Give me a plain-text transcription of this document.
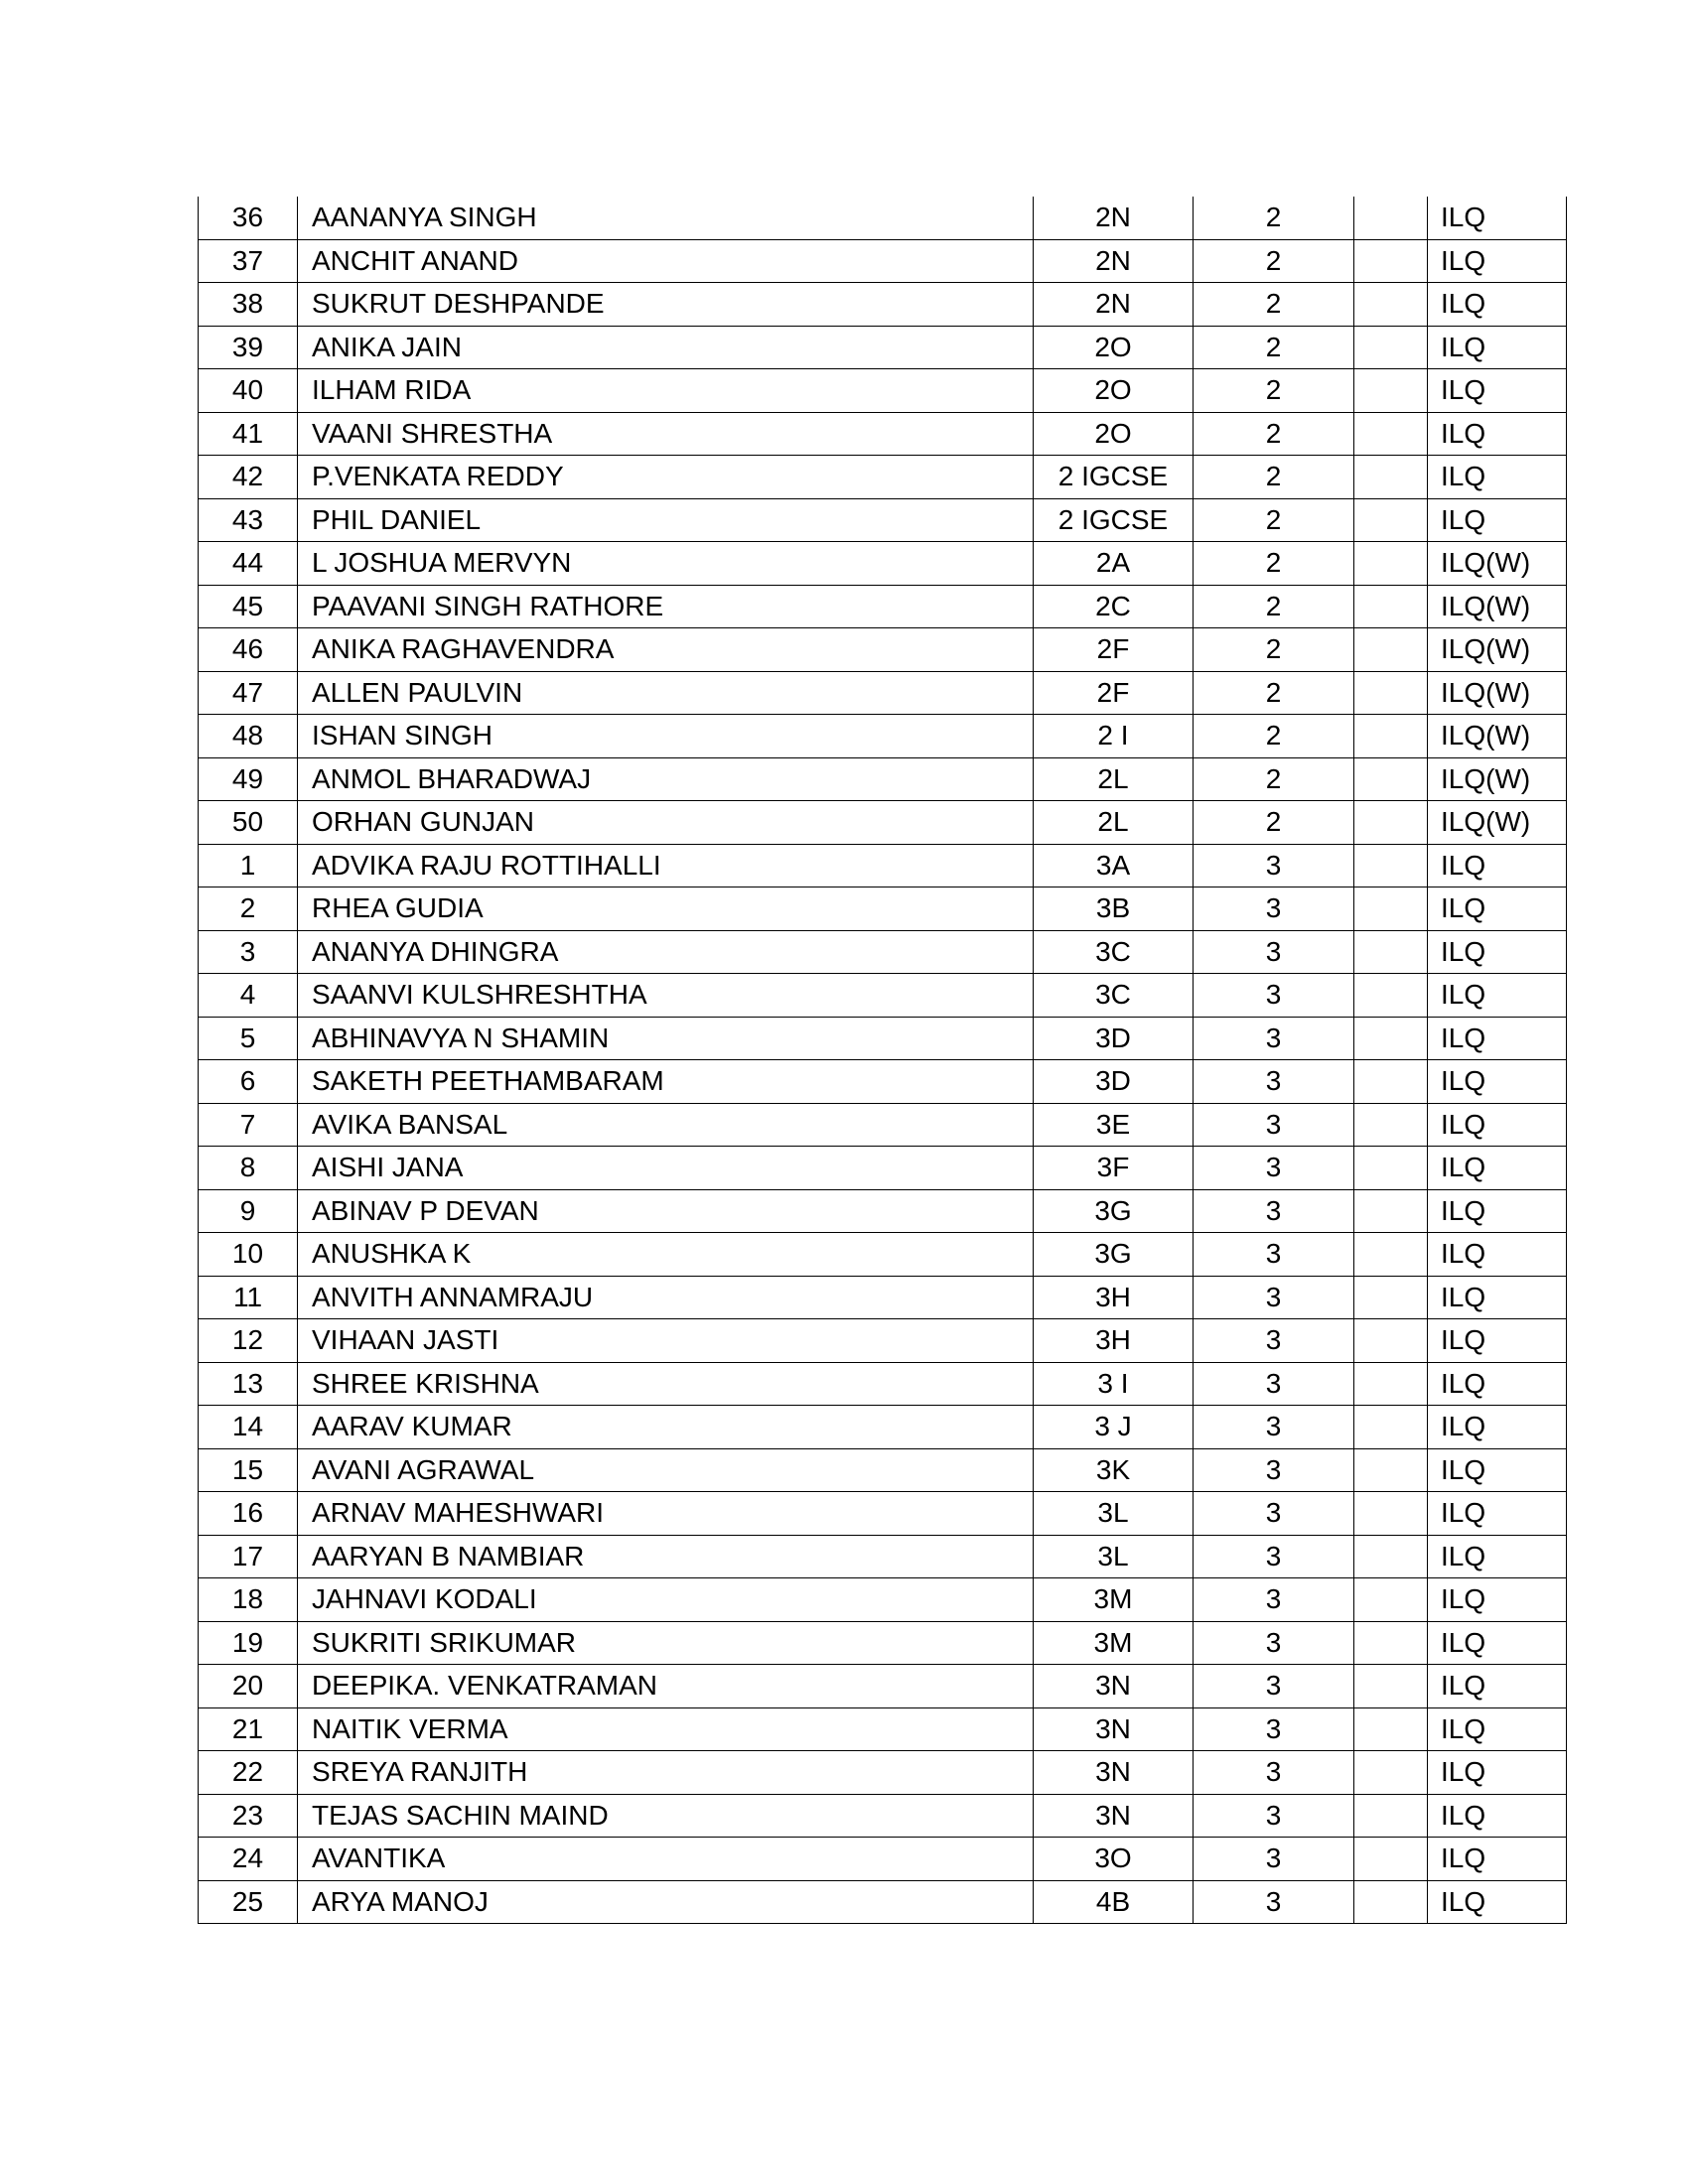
36	AANANYA SINGH	2N	2		ILQ
37	ANCHIT ANAND	2N	2		ILQ
38	SUKRUT DESHPANDE	2N	2		ILQ
39	ANIKA JAIN	2O	2		ILQ
40	ILHAM RIDA	2O	2		ILQ
41	VAANI SHRESTHA	2O	2		ILQ
42	P.VENKATA REDDY	2 IGCSE	2		ILQ
43	PHIL DANIEL	2 IGCSE	2		ILQ
44	L JOSHUA MERVYN	2A	2		ILQ(W)
45	PAAVANI SINGH RATHORE	2C	2		ILQ(W)
46	ANIKA RAGHAVENDRA	2F	2		ILQ(W)
47	ALLEN PAULVIN	2F	2		ILQ(W)
48	ISHAN SINGH	2 I	2		ILQ(W)
49	ANMOL BHARADWAJ	2L	2		ILQ(W)
50	ORHAN GUNJAN	2L	2		ILQ(W)
1	ADVIKA RAJU ROTTIHALLI	3A	3		ILQ
2	RHEA GUDIA	3B	3		ILQ
3	ANANYA DHINGRA	3C	3		ILQ
4	SAANVI KULSHRESHTHA	3C	3		ILQ
5	ABHINAVYA N SHAMIN	3D	3		ILQ
6	SAKETH PEETHAMBARAM	3D	3		ILQ
7	AVIKA BANSAL	3E	3		ILQ
8	AISHI JANA	3F	3		ILQ
9	ABINAV P DEVAN	3G	3		ILQ
10	ANUSHKA K	3G	3		ILQ
11	ANVITH ANNAMRAJU	3H	3		ILQ
12	VIHAAN JASTI	3H	3		ILQ
13	SHREE KRISHNA	3 I	3		ILQ
14	AARAV KUMAR	3 J	3		ILQ
15	AVANI AGRAWAL	3K	3		ILQ
16	ARNAV MAHESHWARI	3L	3		ILQ
17	AARYAN B NAMBIAR	3L	3		ILQ
18	JAHNAVI KODALI	3M	3		ILQ
19	SUKRITI SRIKUMAR	3M	3		ILQ
20	DEEPIKA. VENKATRAMAN	3N	3		ILQ
21	NAITIK VERMA	3N	3		ILQ
22	SREYA RANJITH	3N	3		ILQ
23	TEJAS SACHIN MAIND	3N	3		ILQ
24	AVANTIKA	3O	3		ILQ
25	ARYA MANOJ	4B	3		ILQ
